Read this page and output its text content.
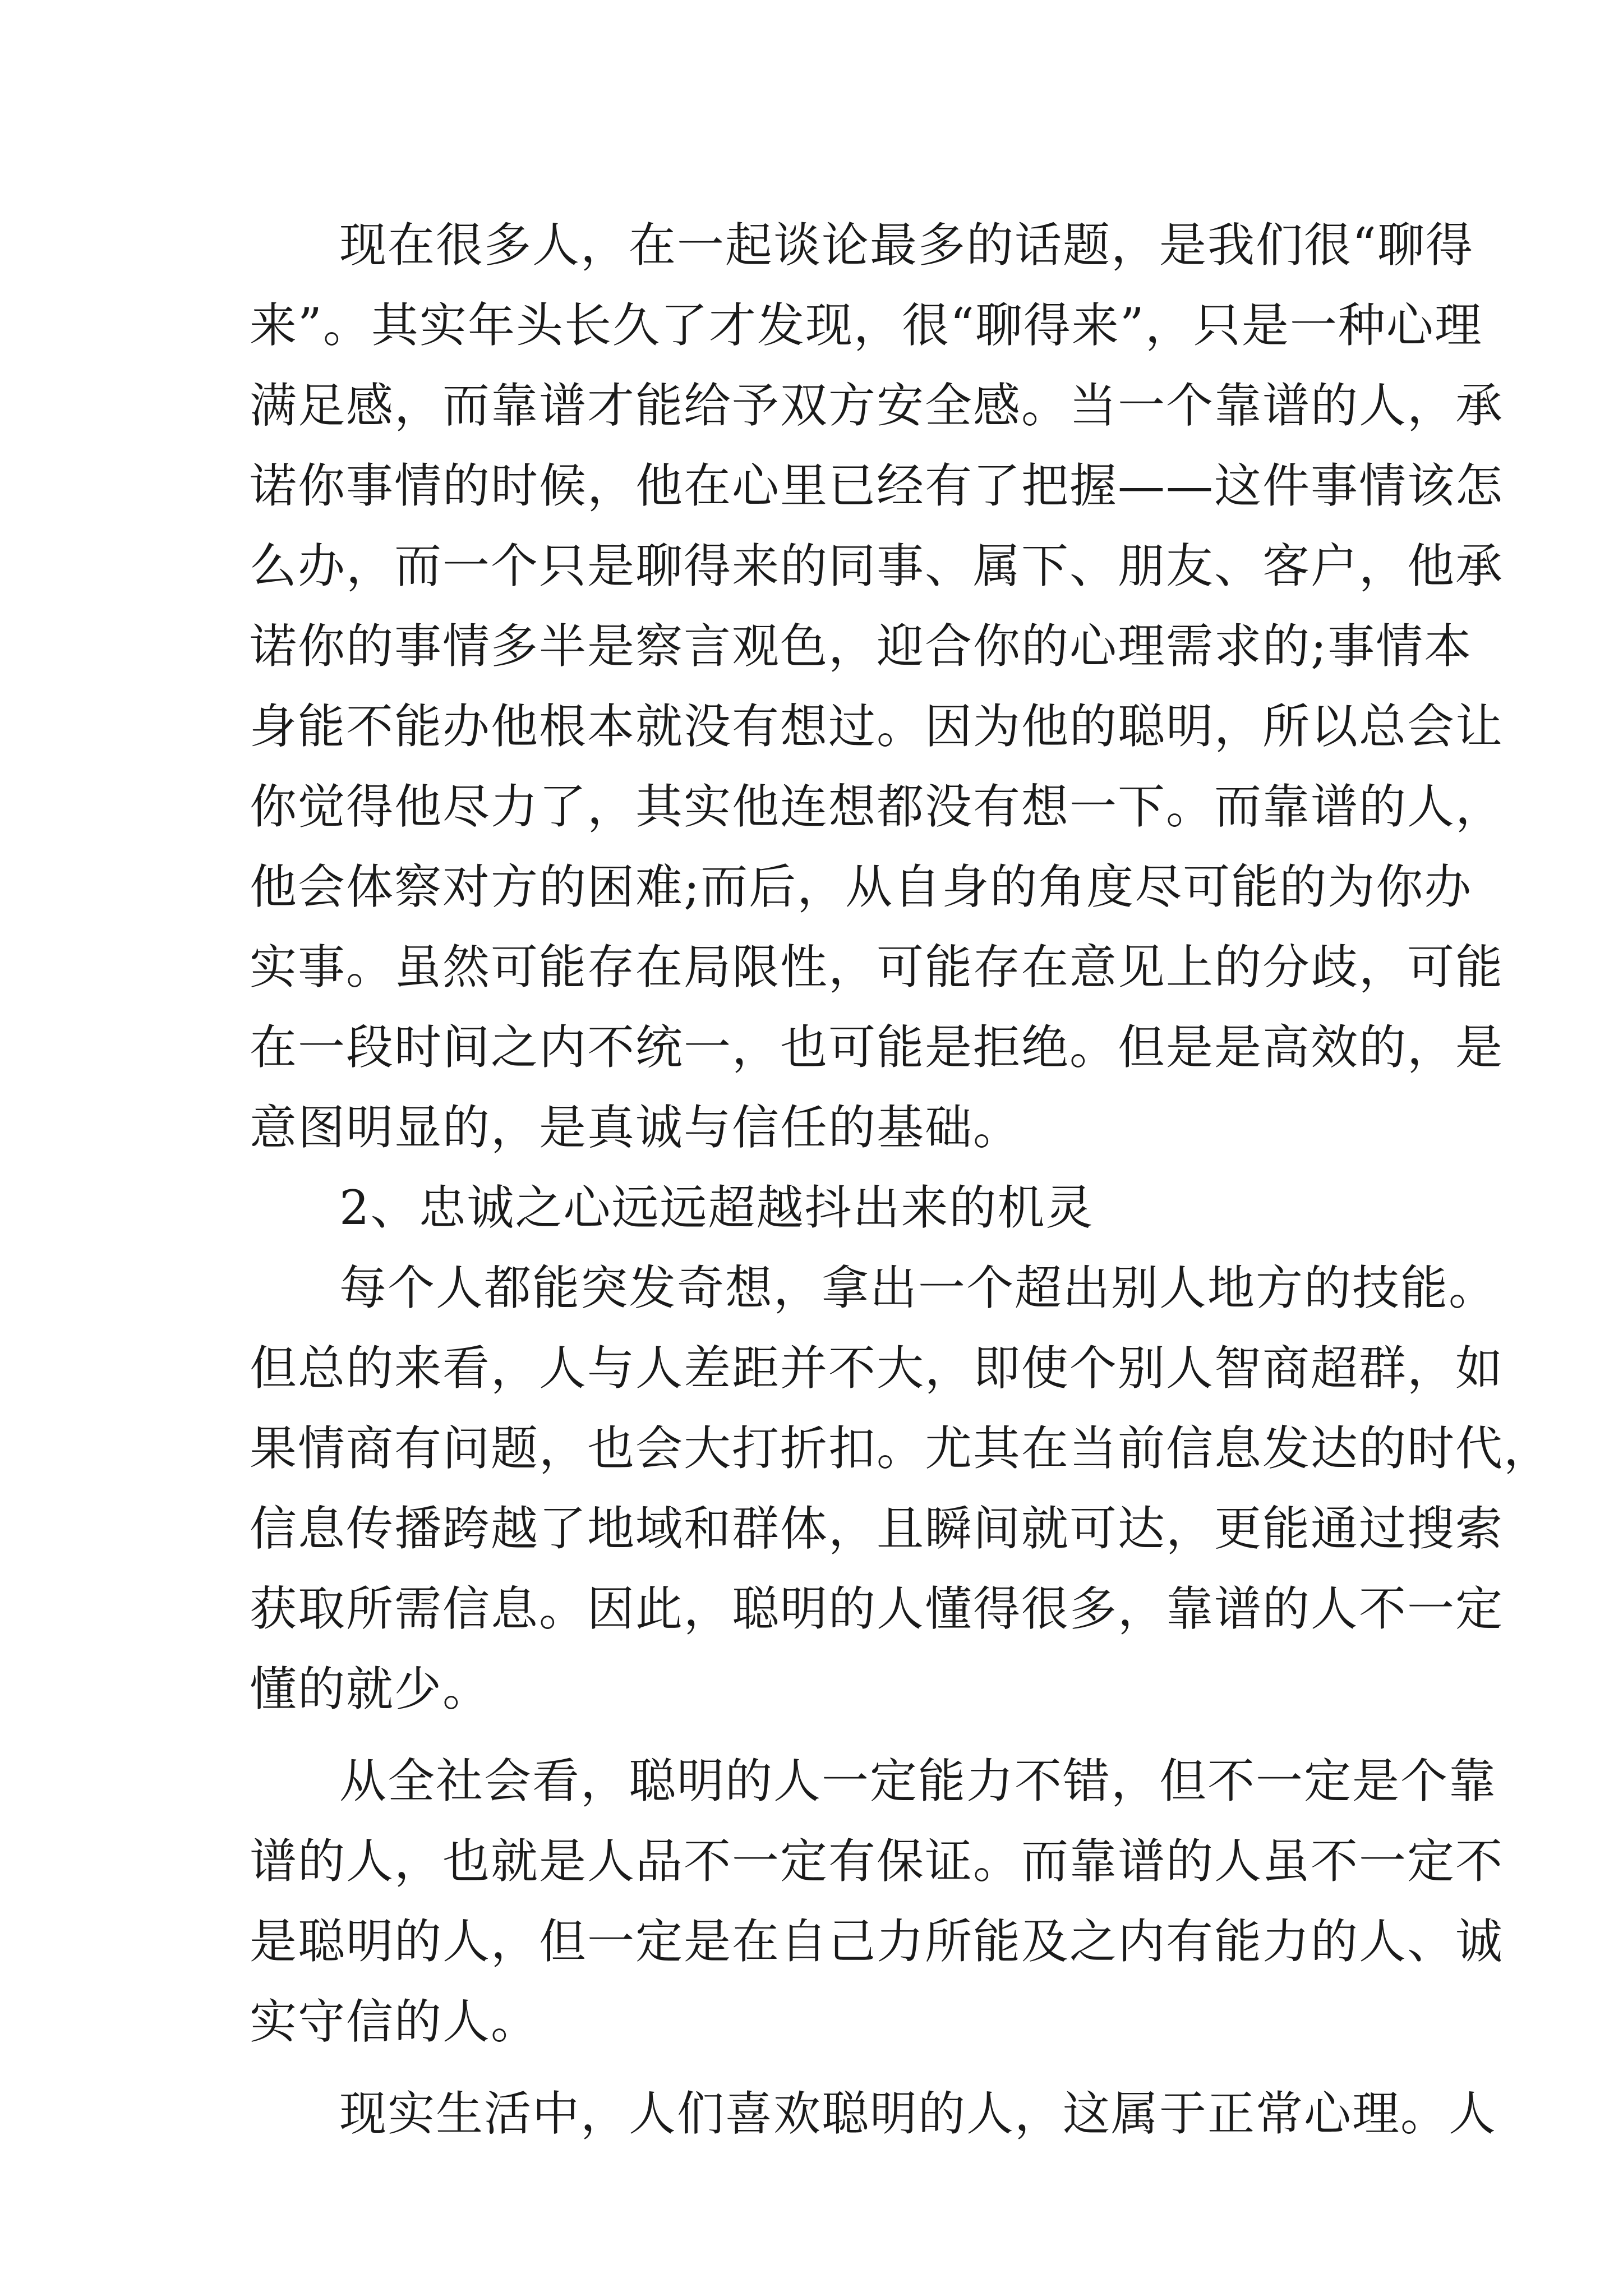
现在很多人，在一起谈论最多的话题，是我们很“聊得
来”。其实年头长久了才发现，很“聊得来”，只是一种心理
满足感，而靠谱才能给予双方安全感。当一个靠谱的人，承
诺你事情的时候，他在心里已经有了把握——这件事情该怎
么办，而一个只是聊得来的同事、属下、朋友、客户，他承
诺你的事情多半是察言观色，迎合你的心理需求的;事情本
身能不能办他根本就没有想过。因为他的聪明，所以总会让
你觉得他尽力了，其实他连想都没有想一下。而靠谱的人，
他会体察对方的困难;而后，从自身的角度尽可能的为你办
实事。虽然可能存在局限性，可能存在意见上的分歧，可能
在一段时间之内不统一，也可能是拒绝。但是是高效的，是
意图明显的，是真诚与信任的基础。
2、忠诚之心远远超越抖出来的机灵
每个人都能突发奇想，拿出一个超出别人地方的技能。
但总的来看，人与人差距并不大，即使个别人智商超群，如
果情商有问题，也会大打折扣。尤其在当前信息发达的时代，
信息传播跨越了地域和群体，且瞬间就可达，更能通过搜索
获取所需信息。因此，聪明的人懂得很多，靠谱的人不一定
懂的就少。
从全社会看，聪明的人一定能力不错，但不一定是个靠
谱的人，也就是人品不一定有保证。而靠谱的人虽不一定不
是聪明的人，但一定是在自己力所能及之内有能力的人、诚
实守信的人。
现实生活中，人们喜欢聪明的人，这属于正常心理。人
